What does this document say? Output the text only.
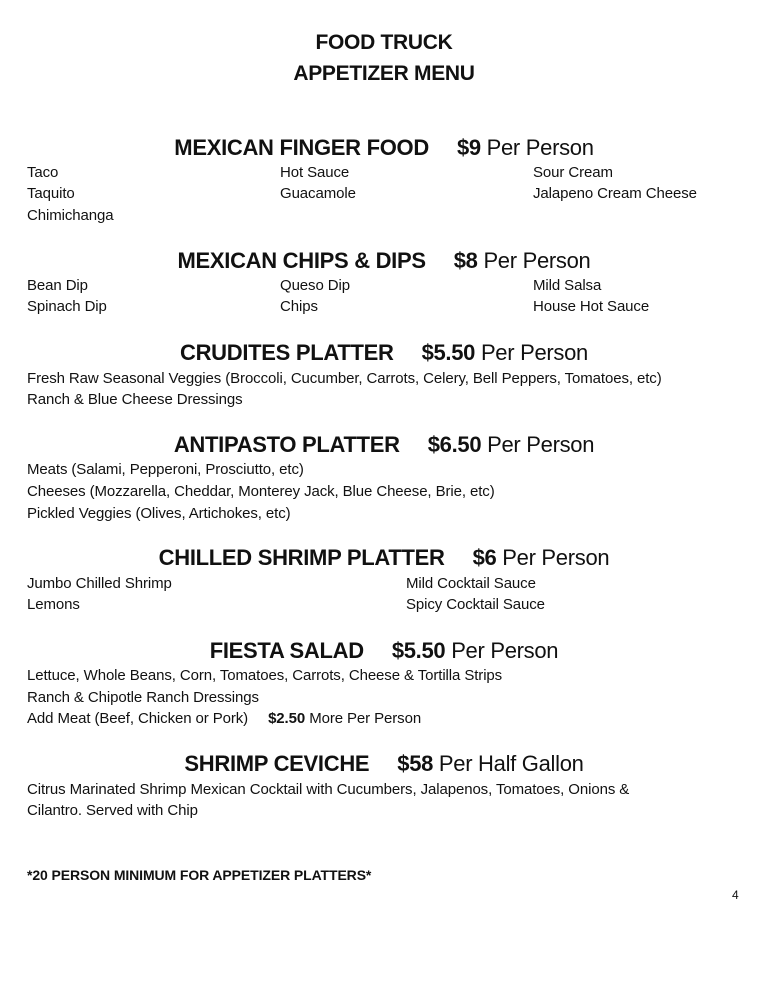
FOOD TRUCK
APPETIZER MENU
MEXICAN FINGER FOOD $9 Per Person
Taco
Taquito
Chimichanga
Hot Sauce
Guacamole
Sour Cream
Jalapeno Cream Cheese
MEXICAN CHIPS & DIPS $8 Per Person
Bean Dip
Spinach Dip
Queso Dip
Chips
Mild Salsa
House Hot Sauce
CRUDITES PLATTER $5.50 Per Person
Fresh Raw Seasonal Veggies (Broccoli, Cucumber, Carrots, Celery, Bell Peppers, Tomatoes, etc)
Ranch & Blue Cheese Dressings
ANTIPASTO PLATTER $6.50 Per Person
Meats (Salami, Pepperoni, Prosciutto, etc)
Cheeses (Mozzarella, Cheddar, Monterey Jack, Blue Cheese, Brie, etc)
Pickled Veggies (Olives, Artichokes, etc)
CHILLED SHRIMP PLATTER $6 Per Person
Jumbo Chilled Shrimp
Lemons
Mild Cocktail Sauce
Spicy Cocktail Sauce
FIESTA SALAD $5.50 Per Person
Lettuce, Whole Beans, Corn, Tomatoes, Carrots, Cheese & Tortilla Strips
Ranch & Chipotle Ranch Dressings
Add Meat (Beef, Chicken or Pork) $2.50 More Per Person
SHRIMP CEVICHE $58 Per Half Gallon
Citrus Marinated Shrimp Mexican Cocktail with Cucumbers, Jalapenos, Tomatoes, Onions &
Cilantro. Served with Chip
*20 PERSON MINIMUM FOR APPETIZER PLATTERS*
4
